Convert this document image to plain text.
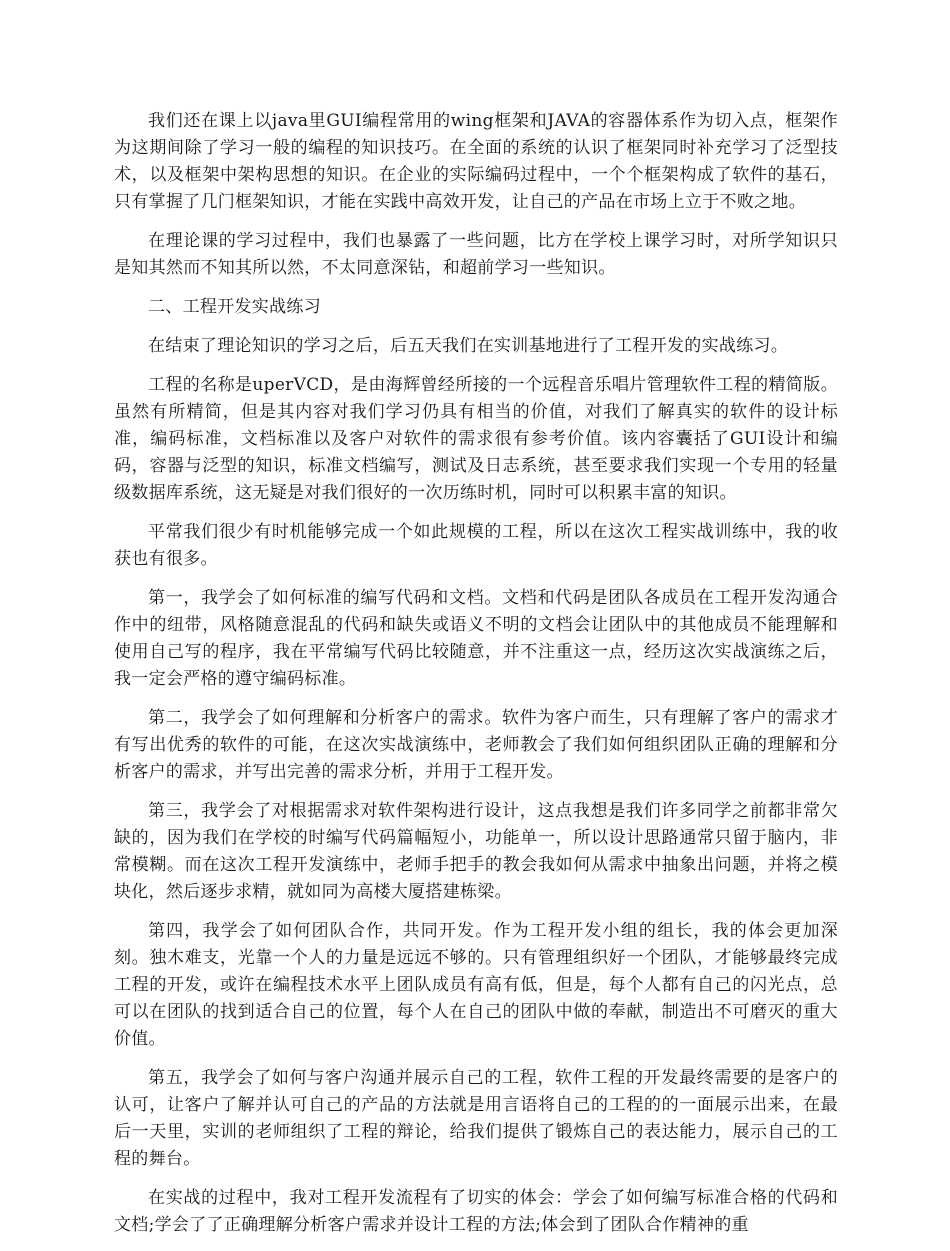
我们还在课上以java里GUI编程常用的wing框架和JAVA的容器体系作为切入点，框架作为这期间除了学习一般的编程的知识技巧。在全面的系统的认识了框架同时补充学习了泛型技术，以及框架中架构思想的知识。在企业的实际编码过程中，一个个框架构成了软件的基石，只有掌握了几门框架知识，才能在实践中高效开发，让自己的产品在市场上立于不败之地。

在理论课的学习过程中，我们也暴露了一些问题，比方在学校上课学习时，对所学知识只是知其然而不知其所以然，不太同意深钻，和超前学习一些知识。

二、工程开发实战练习

在结束了理论知识的学习之后，后五天我们在实训基地进行了工程开发的实战练习。

工程的名称是uperVCD，是由海辉曾经所接的一个远程音乐唱片管理软件工程的精简版。虽然有所精简，但是其内容对我们学习仍具有相当的价值，对我们了解真实的软件的设计标准，编码标准，文档标准以及客户对软件的需求很有参考价值。该内容囊括了GUI设计和编码，容器与泛型的知识，标准文档编写，测试及日志系统，甚至要求我们实现一个专用的轻量级数据库系统，这无疑是对我们很好的一次历练时机，同时可以积累丰富的知识。

平常我们很少有时机能够完成一个如此规模的工程，所以在这次工程实战训练中，我的收获也有很多。

第一，我学会了如何标准的编写代码和文档。文档和代码是团队各成员在工程开发沟通合作中的纽带，风格随意混乱的代码和缺失或语义不明的文档会让团队中的其他成员不能理解和使用自己写的程序，我在平常编写代码比较随意，并不注重这一点，经历这次实战演练之后，我一定会严格的遵守编码标准。

第二，我学会了如何理解和分析客户的需求。软件为客户而生，只有理解了客户的需求才有写出优秀的软件的可能，在这次实战演练中，老师教会了我们如何组织团队正确的理解和分析客户的需求，并写出完善的需求分析，并用于工程开发。

第三，我学会了对根据需求对软件架构进行设计，这点我想是我们许多同学之前都非常欠缺的，因为我们在学校的时编写代码篇幅短小，功能单一，所以设计思路通常只留于脑内，非常模糊。而在这次工程开发演练中，老师手把手的教会我如何从需求中抽象出问题，并将之模块化，然后逐步求精，就如同为高楼大厦搭建栋梁。

第四，我学会了如何团队合作，共同开发。作为工程开发小组的组长，我的体会更加深刻。独木难支，光靠一个人的力量是远远不够的。只有管理组织好一个团队，才能够最终完成工程的开发，或许在编程技术水平上团队成员有高有低，但是，每个人都有自己的闪光点，总可以在团队的找到适合自己的位置，每个人在自己的团队中做的奉献，制造出不可磨灭的重大价值。

第五，我学会了如何与客户沟通并展示自己的工程，软件工程的开发最终需要的是客户的认可，让客户了解并认可自己的产品的方法就是用言语将自己的工程的的一面展示出来，在最后一天里，实训的老师组织了工程的辩论，给我们提供了锻炼自己的表达能力，展示自己的工程的舞台。

在实战的过程中，我对工程开发流程有了切实的体会：学会了如何编写标准合格的代码和文档;学会了了正确理解分析客户需求并设计工程的方法;体会到了团队合作精神的重
